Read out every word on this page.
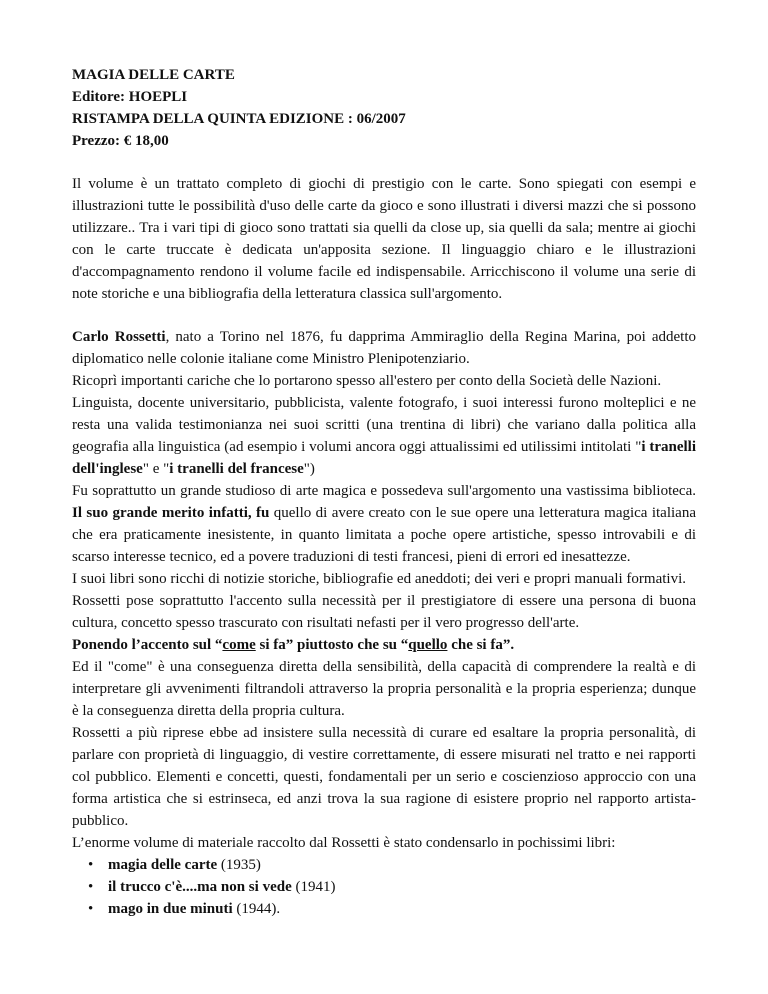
MAGIA DELLE CARTE

Editore: HOEPLI

RISTAMPA DELLA QUINTA EDIZIONE : 06/2007

Prezzo: € 18,00

Il volume è un trattato completo di giochi di prestigio con le carte. Sono spiegati con esempi e illustrazioni tutte le possibilità d'uso delle carte da gioco e sono illustrati i diversi mazzi che si possono utilizzare.. Tra i vari tipi di gioco sono trattati sia quelli da close up, sia quelli da sala; mentre ai giochi con le carte truccate è dedicata un'apposita sezione. Il linguaggio chiaro e le illustrazioni d'accompagnamento rendono il volume facile ed indispensabile. Arricchiscono il volume una serie di note storiche e una bibliografia della letteratura classica sull'argomento.

Carlo Rossetti, nato a Torino nel 1876, fu dapprima Ammiraglio della Regina Marina, poi addetto diplomatico nelle colonie italiane come Ministro Plenipotenziario.

Ricoprì importanti cariche che lo portarono spesso all'estero per conto della Società delle Nazioni.

Linguista, docente universitario, pubblicista, valente fotografo, i suoi interessi furono molteplici e ne resta una valida testimonianza nei suoi scritti (una trentina di libri) che variano dalla politica alla geografia alla linguistica (ad esempio i volumi ancora oggi attualissimi ed utilissimi intitolati "i tranelli dell'inglese" e "i tranelli del francese")

Fu soprattutto un grande studioso di arte magica e possedeva sull'argomento una vastissima biblioteca. Il suo grande merito infatti, fu quello di avere creato con le sue opere una letteratura magica italiana che era praticamente inesistente, in quanto limitata a poche opere artistiche, spesso introvabili e di scarso interesse tecnico, ed a povere traduzioni di testi francesi, pieni di errori ed inesattezze.

I suoi libri sono ricchi di notizie storiche, bibliografie ed aneddoti; dei veri e propri manuali formativi.

Rossetti pose soprattutto l'accento sulla necessità per il prestigiatore di essere una persona di buona cultura, concetto spesso trascurato con risultati nefasti per il vero progresso dell'arte.

Ponendo l’accento sul “come si fa” piuttosto che su “quello che si fa”.

Ed il "come" è una conseguenza diretta della sensibilità, della capacità di comprendere la realtà e di interpretare gli avvenimenti filtrandoli attraverso la propria personalità e la propria esperienza; dunque è la conseguenza diretta della propria cultura.

Rossetti a più riprese ebbe ad insistere sulla necessità di curare ed esaltare la propria personalità, di parlare con proprietà di linguaggio, di vestire correttamente, di essere misurati nel tratto e nei rapporti col pubblico. Elementi e concetti, questi, fondamentali per un serio e coscienzioso approccio con una forma artistica che si estrinseca, ed anzi trova la sua ragione di esistere proprio nel rapporto artista-pubblico.

L’enorme volume di materiale raccolto dal Rossetti è stato condensarlo in pochissimi libri:

• magia delle carte (1935)
• il trucco c'è....ma non si vede (1941)
• mago in due minuti (1944).
